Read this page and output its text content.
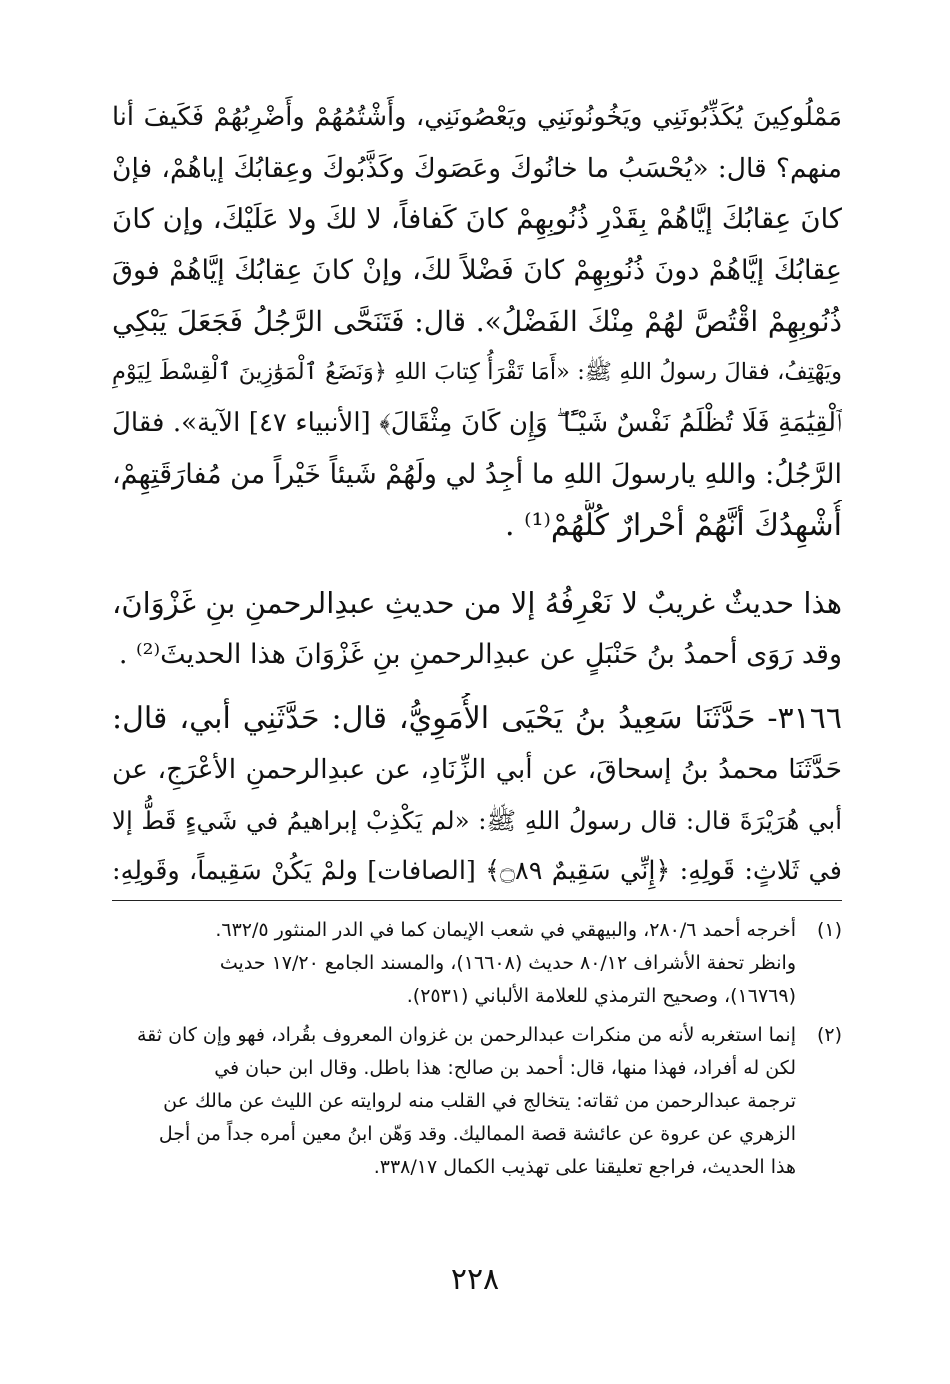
مَمْلُوكِينَ يُكَذِّبُونَنِي ويَخُونُونَنِي ويَعْصُونَنِي، وأَشْتُمُهُمْ وأَضْرِبُهُمْ فَكَيفَ أنا
منهم؟ قال: «يُحْسَبُ ما خانُوكَ وعَصَوكَ وكَذَّبُوكَ وعِقابُكَ إياهُمْ، فإنْ
كانَ عِقابُكَ إيَّاهُمْ بِقَدْرِ ذُنُوبِهِمْ كانَ كَفافاً، لا لكَ ولا عَلَيْكَ، وإن كانَ
عِقابُكَ إيَّاهُمْ دونَ ذُنُوبِهِمْ كانَ فَضْلاً لكَ، وإنْ كانَ عِقابُكَ إيَّاهُمْ فوقَ
ذُنُوبِهِمْ اقْتُصَّ لهُمْ مِنْكَ الفَضْلُ». قال: فَتَنَحَّى الرَّجُلُ فَجَعَلَ يَبْكِي
ويَهْتِفُ، فقالَ رسولُ اللهِ ﷺ: «أَمَا تَقْرَأُ كِتابَ اللهِ ﴿وَنَضَعُ ٱلْمَوَٰزِينَ ٱلْقِسْطَ لِيَوْمِ
ٱلْقِيَٰمَةِ فَلَا تُظْلَمُ نَفْسٌ شَيْـًٔا ۖ وَإِن كَانَ مِثْقَالَ﴾ [الأنبياء ٤٧] الآية». فقالَ
الرَّجُلُ: واللهِ يارسولَ اللهِ ما أجِدُ لي ولَهُمْ شَيئاً خَيْراً من مُفارَقَتِهِمْ،
أُشْهِدُكَ أنَّهُمْ أحْرارٌ كُلُّهُمْ⁽¹⁾ .
هذا حديثٌ غريبٌ لا نَعْرِفُهُ إلا من حديثِ عبدِالرحمنِ بنِ غَزْوَانَ،
وقد رَوَى أحمدُ بنُ حَنْبَلٍ عن عبدِالرحمنِ بنِ غَزْوَانَ هذا الحديثَ⁽²⁾ .
٣١٦٦- حَدَّثَنَا سَعِيدُ بنُ يَحْيَى الأُمَوِيُّ، قال: حَدَّثَنِي أبي، قال:
حَدَّثَنَا محمدُ بنُ إسحاقَ، عن أبي الزِّنَادِ، عن عبدِالرحمنِ الأعْرَجِ، عن
أبي هُرَيْرَةَ قال: قال رسولُ اللهِ ﷺ: «لم يَكْذِبْ إبراهيمُ في شَيءٍ قَطُّ إلا
في ثَلاثٍ: قَولِهِ: ﴿إِنِّي سَقِيمٌ ۝٨٩﴾ [الصافات] ولمْ يَكُنْ سَقِيماً، وقَولِهِ:
(١)
أخرجه أحمد ٢٨٠/٦، والبيهقي في شعب الإيمان كما في الدر المنثور ٦٣٢/٥.
وانظر تحفة الأشراف ٨٠/١٢ حديث (١٦٦٠٨)، والمسند الجامع ١٧/٢٠ حديث
(١٦٧٦٩)، وصحيح الترمذي للعلامة الألباني (٢٥٣١).
(٢)
إنما استغربه لأنه من منكرات عبدالرحمن بن غزوان المعروف بقُراد، فهو وإن كان ثقة
لكن له أفراد، فهذا منها، قال: أحمد بن صالح: هذا باطل. وقال ابن حبان في
ترجمة عبدالرحمن من ثقاته: يتخالج في القلب منه لروايته عن الليث عن مالك عن
الزهري عن عروة عن عائشة قصة المماليك. وقد وَهّن ابنُ معين أمره جداً من أجل
هذا الحديث، فراجع تعليقنا على تهذيب الكمال ٣٣٨/١٧.
٢٢٨
